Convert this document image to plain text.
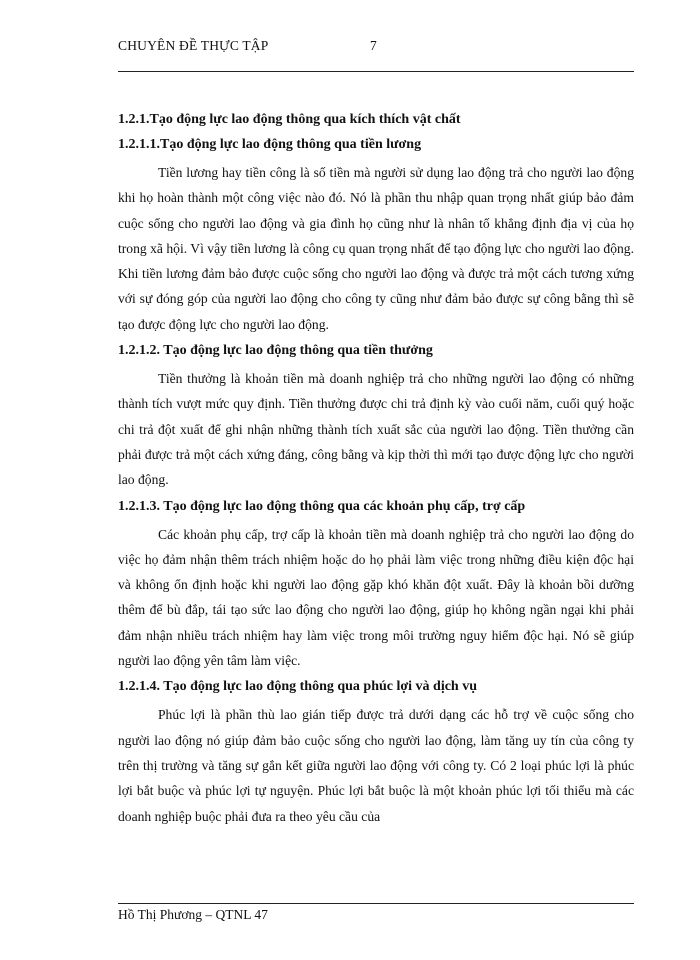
CHUYÊN ĐỀ THỰC TẬP	7

1.2.1.Tạo động lực lao động thông qua kích thích vật chất

1.2.1.1.Tạo động lực lao động thông qua tiền lương

Tiền lương hay tiền công là số tiền mà người sử dụng lao động trả cho người lao động khi họ hoàn thành một công việc nào đó. Nó là phần thu nhập quan trọng nhất giúp bảo đảm cuộc sống cho người lao động và gia đình họ cũng như là nhân tố khẳng định địa vị của họ trong xã hội. Vì vậy tiền lương là công cụ quan trọng nhất để tạo động lực cho người lao động. Khi tiền lương đảm bảo được cuộc sống cho người lao động và được trả một cách tương xứng với sự đóng góp của người lao động cho công ty cũng như đảm bảo được sự công bằng thì sẽ tạo được động lực cho người lao động.

1.2.1.2. Tạo động lực lao động thông qua tiền thưởng

Tiền thưởng là khoản tiền mà doanh nghiệp trả cho những người lao động có những thành tích vượt mức quy định. Tiền thưởng được chi trả định kỳ vào cuối năm, cuối quý hoặc chi trả đột xuất để ghi nhận những thành tích xuất sắc của người lao động. Tiền thưởng cần phải được trả một cách xứng đáng, công bằng và kịp thời thì mới tạo được động lực cho người lao động.

1.2.1.3. Tạo động lực lao động thông qua các khoản phụ cấp, trợ cấp

Các khoản phụ cấp, trợ cấp là khoản tiền mà doanh nghiệp trả cho người lao động do việc họ đảm nhận thêm trách nhiệm hoặc do họ phải làm việc trong những điều kiện độc hại và không ổn định hoặc khi người lao động gặp khó khăn đột xuất. Đây là khoản bồi dưỡng thêm để bù đắp, tái tạo sức lao động cho người lao động, giúp họ không ngần ngại khi phải đảm nhận nhiều trách nhiệm hay làm việc trong môi trường nguy hiểm độc hại. Nó sẽ giúp người lao động yên tâm làm việc.

1.2.1.4. Tạo động lực lao động thông qua phúc lợi và dịch vụ

Phúc lợi là phần thù lao gián tiếp được trả dưới dạng các hỗ trợ về cuộc sống cho người lao động nó giúp đảm bảo cuộc sống cho người lao động, làm tăng uy tín của công ty trên thị trường và tăng sự gắn kết giữa người lao động với công ty. Có 2 loại phúc lợi là phúc lợi bắt buộc và phúc lợi tự nguyện. Phúc lợi bắt buộc là một khoản phúc lợi tối thiểu mà các doanh nghiệp buộc phải đưa ra theo yêu cầu của

Hồ Thị Phương – QTNL 47
